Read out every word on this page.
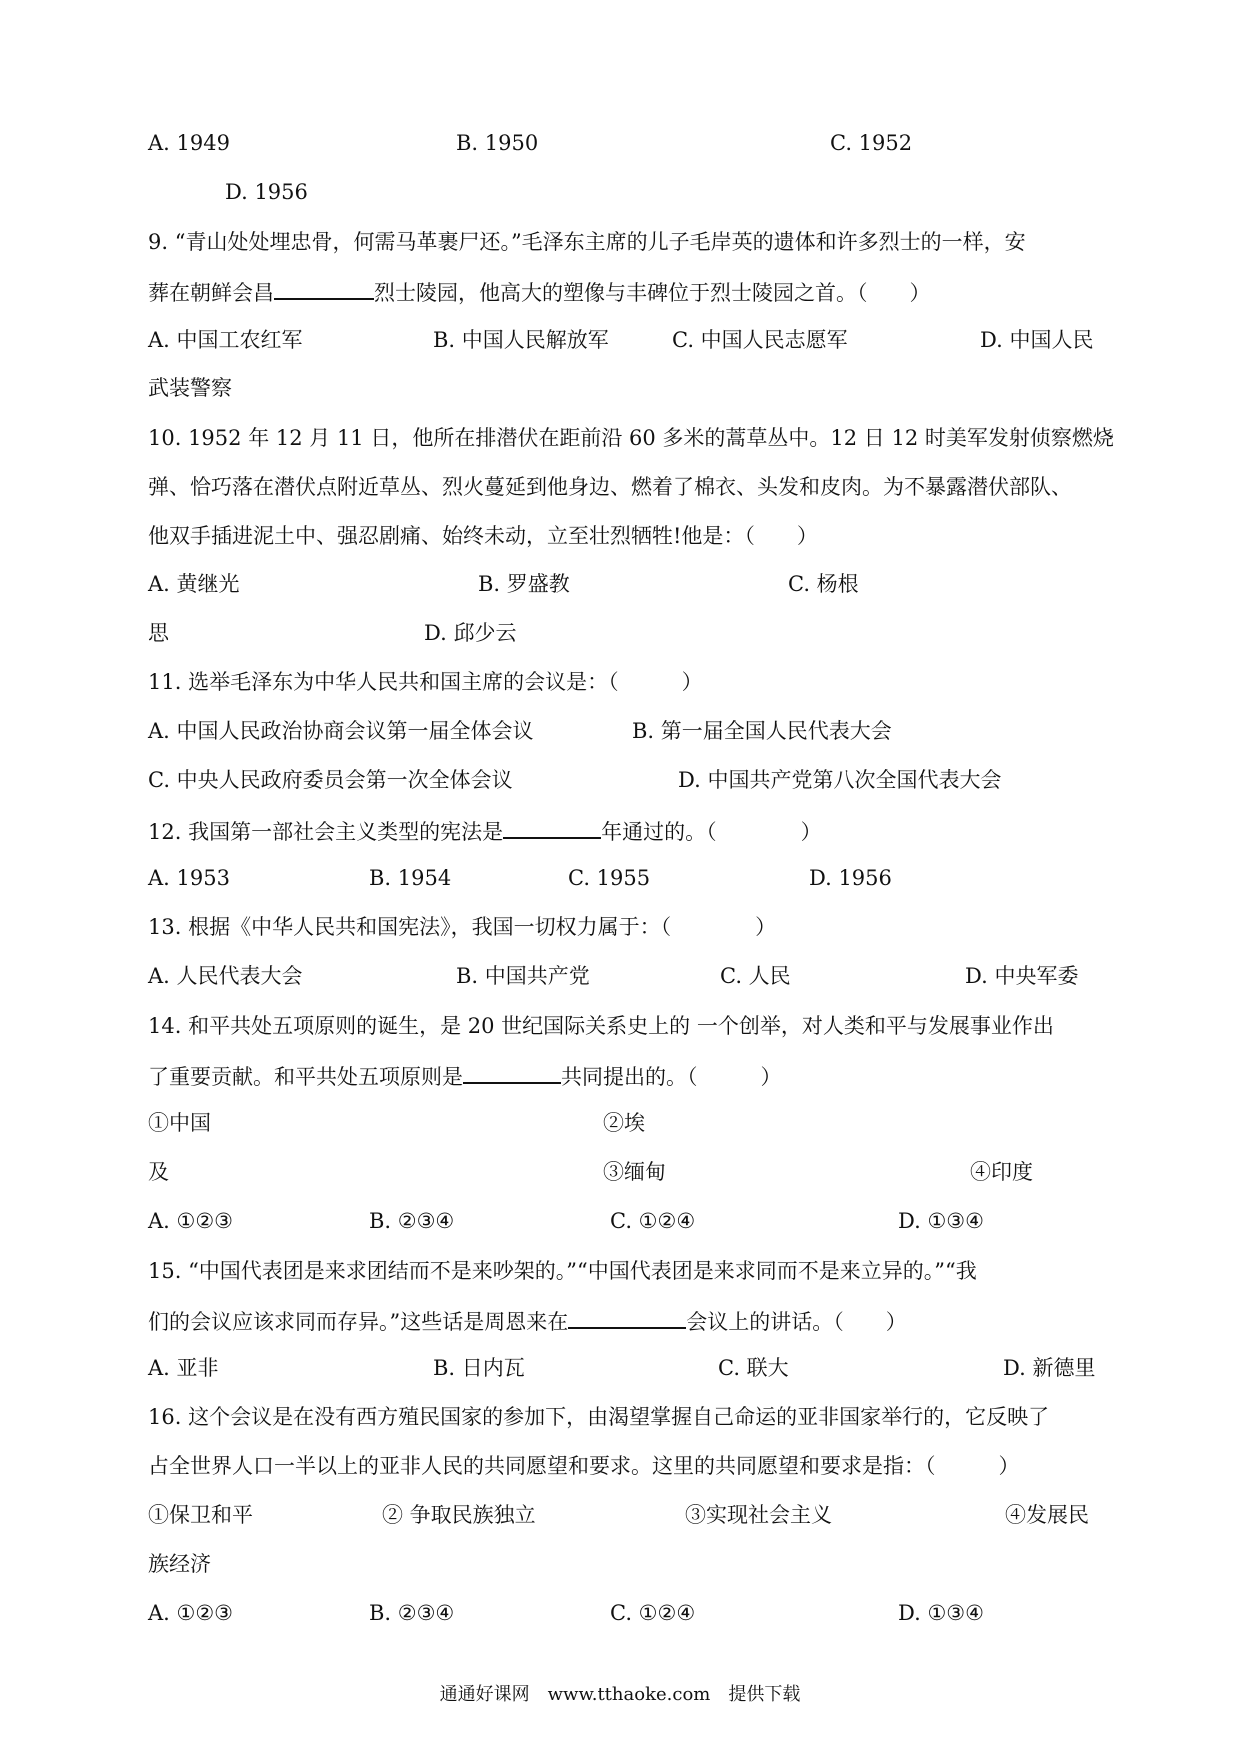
A. 1949	B. 1950	C. 1952
D. 1956
9. “青山处处埋忠骨，何需马革裹尸还。”毛泽东主席的儿子毛岸英的遗体和许多烈士的一样，安
葬在朝鲜会昌	烈士陵园，他高大的塑像与丰碑位于烈士陵园之首。（　　）
A. 中国工农红军	B. 中国人民解放军	C. 中国人民志愿军	D. 中国人民
武装警察
10. 1952 年 12 月 11 日，他所在排潜伏在距前沿 60 多米的蒿草丛中。12 日 12 时美军发射侦察燃烧
弹、恰巧落在潜伏点附近草丛、烈火蔓延到他身边、燃着了棉衣、头发和皮肉。为不暴露潜伏部队、
他双手插进泥土中、强忍剧痛、始终未动，立至壮烈牺牲!他是：（　　）
A. 黄继光	B. 罗盛教	C. 杨根
思	D. 邱少云
11. 选举毛泽东为中华人民共和国主席的会议是：（　　　）
A. 中国人民政治协商会议第一届全体会议	B. 第一届全国人民代表大会
C. 中央人民政府委员会第一次全体会议	D. 中国共产党第八次全国代表大会
12. 我国第一部社会主义类型的宪法是	年通过的。（　　　　）
A. 1953	B. 1954	C. 1955	D. 1956
13. 根据《中华人民共和国宪法》，我国一切权力属于：（　　　　）
A. 人民代表大会	B. 中国共产党	C. 人民	D. 中央军委
14. 和平共处五项原则的诞生，是 20 世纪国际关系史上的 一个创举，对人类和平与发展事业作出
了重要贡献。和平共处五项原则是	共同提出的。（　　　）
①中国	②埃
及	③缅甸	④印度
A. ①②③	B. ②③④	C. ①②④	D. ①③④
15. “中国代表团是来求团结而不是来吵架的。”“中国代表团是来求同而不是来立异的。”“我
们的会议应该求同而存异。”这些话是周恩来在	会议上的讲话。（　　）
A. 亚非	B. 日内瓦	C. 联大	D. 新德里
16. 这个会议是在没有西方殖民国家的参加下，由渴望掌握自己命运的亚非国家举行的，它反映了
占全世界人口一半以上的亚非人民的共同愿望和要求。这里的共同愿望和要求是指：（　　　）
①保卫和平	② 争取民族独立	③实现社会主义	④发展民
族经济
A. ①②③	B. ②③④	C. ①②④	D. ①③④
通通好课网　www.tthaoke.com　提供下载
